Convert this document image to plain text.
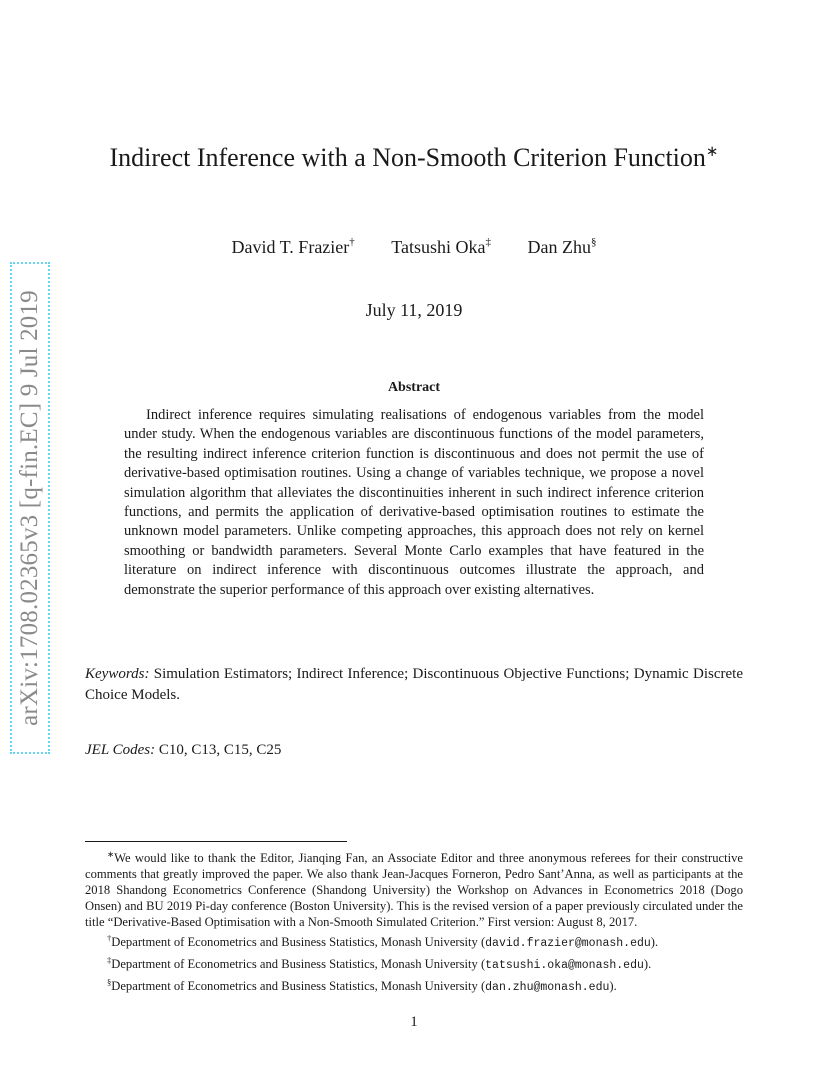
arXiv:1708.02365v3 [q-fin.EC] 9 Jul 2019
Indirect Inference with a Non-Smooth Criterion Function∗
David T. Frazier† Tatsushi Oka‡ Dan Zhu§
July 11, 2019
Abstract

Indirect inference requires simulating realisations of endogenous variables from the model under study. When the endogenous variables are discontinuous functions of the model parameters, the resulting indirect inference criterion function is discontinuous and does not permit the use of derivative-based optimisation routines. Using a change of variables technique, we propose a novel simulation algorithm that alleviates the discontinuities inherent in such indirect inference criterion functions, and permits the application of derivative-based optimisation routines to estimate the unknown model parameters. Unlike competing approaches, this approach does not rely on kernel smoothing or bandwidth parameters. Several Monte Carlo examples that have featured in the literature on indirect inference with discontinuous outcomes illustrate the approach, and demonstrate the superior performance of this approach over existing alternatives.

Keywords: Simulation Estimators; Indirect Inference; Discontinuous Objective Functions; Dynamic Discrete Choice Models.

JEL Codes: C10, C13, C15, C25

∗We would like to thank the Editor, Jianqing Fan, an Associate Editor and three anonymous referees for their constructive comments that greatly improved the paper. We also thank Jean-Jacques Forneron, Pedro Sant’Anna, as well as participants at the 2018 Shandong Econometrics Conference (Shandong University) the Workshop on Advances in Econometrics 2018 (Dogo Onsen) and BU 2019 Pi-day conference (Boston University). This is the revised version of a paper previously circulated under the title “Derivative-Based Optimisation with a Non-Smooth Simulated Criterion.” First version: August 8, 2017.

†Department of Econometrics and Business Statistics, Monash University (david.frazier@monash.edu).

‡Department of Econometrics and Business Statistics, Monash University (tatsushi.oka@monash.edu).

§Department of Econometrics and Business Statistics, Monash University (dan.zhu@monash.edu).

1
